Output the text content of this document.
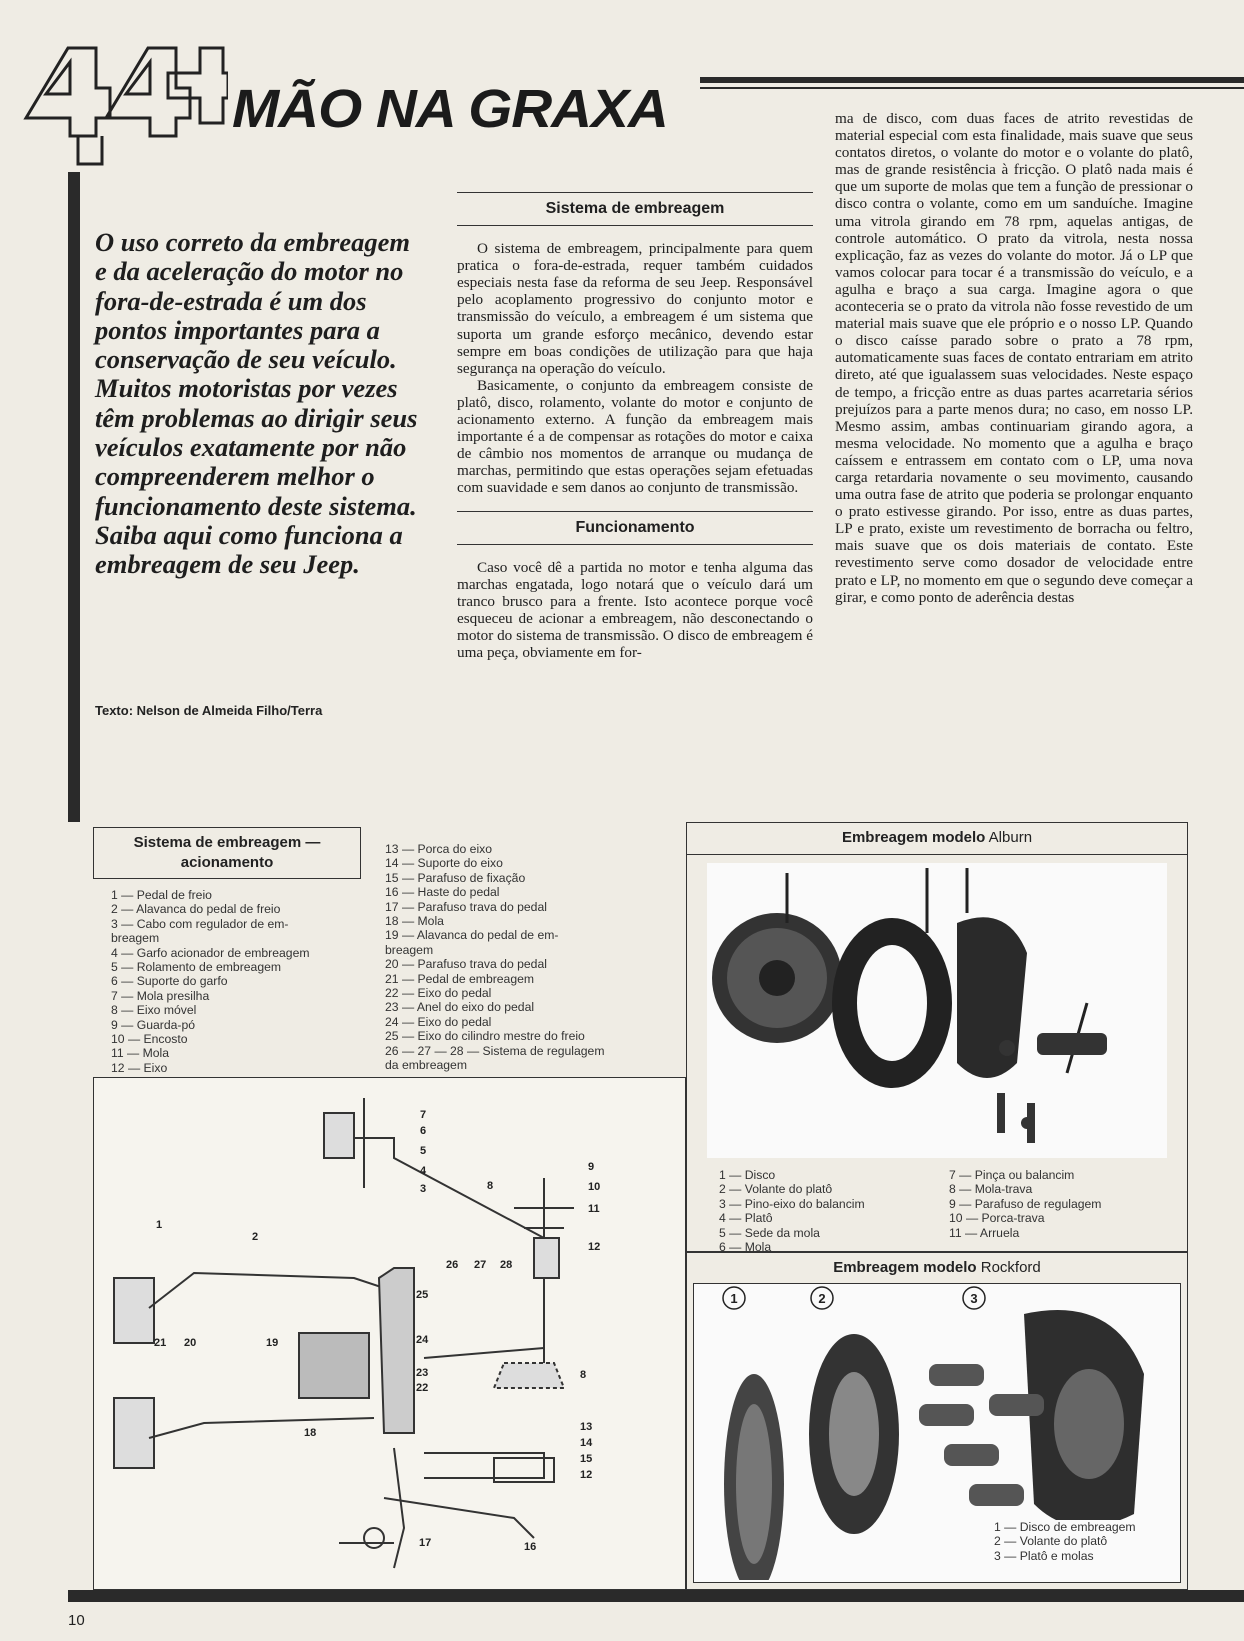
MÃO NA GRAXA
O uso correto da embreagem e da aceleração do motor no fora-de-estrada é um dos pontos importantes para a conservação de seu veículo. Muitos motoristas por vezes têm problemas ao dirigir seus veículos exatamente por não compreenderem melhor o funcionamento deste sistema. Saiba aqui como funciona a embreagem de seu Jeep.
Texto: Nelson de Almeida Filho/Terra
Sistema de embreagem

O sistema de embreagem, principalmente para quem pratica o fora-de-estrada, requer também cuidados especiais nesta fase da reforma de seu Jeep. Responsável pelo acoplamento progressivo do conjunto motor e transmissão do veículo, a embreagem é um sistema que suporta um grande esforço mecânico, devendo estar sempre em boas condições de utilização para que haja segurança na operação do veículo.

Basicamente, o conjunto da embreagem consiste de platô, disco, rolamento, volante do motor e conjunto de acionamento externo. A função da embreagem mais importante é a de compensar as rotações do motor e caixa de câmbio nos momentos de arranque ou mudança de marchas, permitindo que estas operações sejam efetuadas com suavidade e sem danos ao conjunto de transmissão.

Funcionamento

Caso você dê a partida no motor e tenha alguma das marchas engatada, logo notará que o veículo dará um tranco brusco para a frente. Isto acontece porque você esqueceu de acionar a embreagem, não desconectando o motor do sistema de transmissão. O disco de embreagem é uma peça, obviamente em for-

ma de disco, com duas faces de atrito revestidas de material especial com esta finalidade, mais suave que seus contatos diretos, o volante do motor e o volante do platô, mas de grande resistência à fricção. O platô nada mais é que um suporte de molas que tem a função de pressionar o disco contra o volante, como em um sanduíche. Imagine uma vitrola girando em 78 rpm, aquelas antigas, de controle automático. O prato da vitrola, nesta nossa explicação, faz as vezes do volante do motor. Já o LP que vamos colocar para tocar é a transmissão do veículo, e a agulha e braço a sua carga. Imagine agora o que aconteceria se o prato da vitrola não fosse revestido de um material mais suave que ele próprio e o nosso LP. Quando o disco caísse parado sobre o prato a 78 rpm, automaticamente suas faces de contato entrariam em atrito direto, até que igualassem suas velocidades. Neste espaço de tempo, a fricção entre as duas partes acarretaria sérios prejuízos para a parte menos dura; no caso, em nosso LP. Mesmo assim, ambas continuariam girando agora, a mesma velocidade. No momento que a agulha e braço caíssem e entrassem em contato com o LP, uma nova carga retardaria novamente o seu movimento, causando uma outra fase de atrito que poderia se prolongar enquanto o prato estivesse girando. Por isso, entre as duas partes, LP e prato, existe um revestimento de borracha ou feltro, mais suave que os dois materiais de contato. Este revestimento serve como dosador de velocidade entre prato e LP, no momento em que o segundo deve começar a girar, e como ponto de aderência destas

Sistema de embreagem — acionamento
1 — Pedal de freio
2 — Alavanca do pedal de freio
3 — Cabo com regulador de em-
breagem
4 — Garfo acionador de embreagem
5 — Rolamento de embreagem
6 — Suporte do garfo
7 — Mola presilha
8 — Eixo móvel
9 — Guarda-pó
10 — Encosto
11 — Mola
12 — Eixo
13 — Porca do eixo
14 — Suporte do eixo
15 — Parafuso de fixação
16 — Haste do pedal
17 — Parafuso trava do pedal
18 — Mola
19 — Alavanca do pedal de em-
breagem
20 — Parafuso trava do pedal
21 — Pedal de embreagem
22 — Eixo do pedal
23 — Anel do eixo do pedal
24 — Eixo do pedal
25 — Eixo do cilindro mestre do freio
26 — 27 — 28 — Sistema de regulagem
da embreagem
7
6
5
4
3
9
8	10
11
1
2
12
26 27 28
25
24
23
22
21 20	19
8
18	13
14
15
12
17	16
Embreagem modelo Alburn
1 — Disco
2 — Volante do platô
3 — Pino-eixo do balancim
4 — Platô
5 — Sede da mola
6 — Mola
7 — Pinça ou balancim
8 — Mola-trava
9 — Parafuso de regulagem
10 — Porca-trava
11 — Arruela
Embreagem modelo Rockford
1	2	3
1 — Disco de embreagem
2 — Volante do platô
3 — Platô e molas
10
